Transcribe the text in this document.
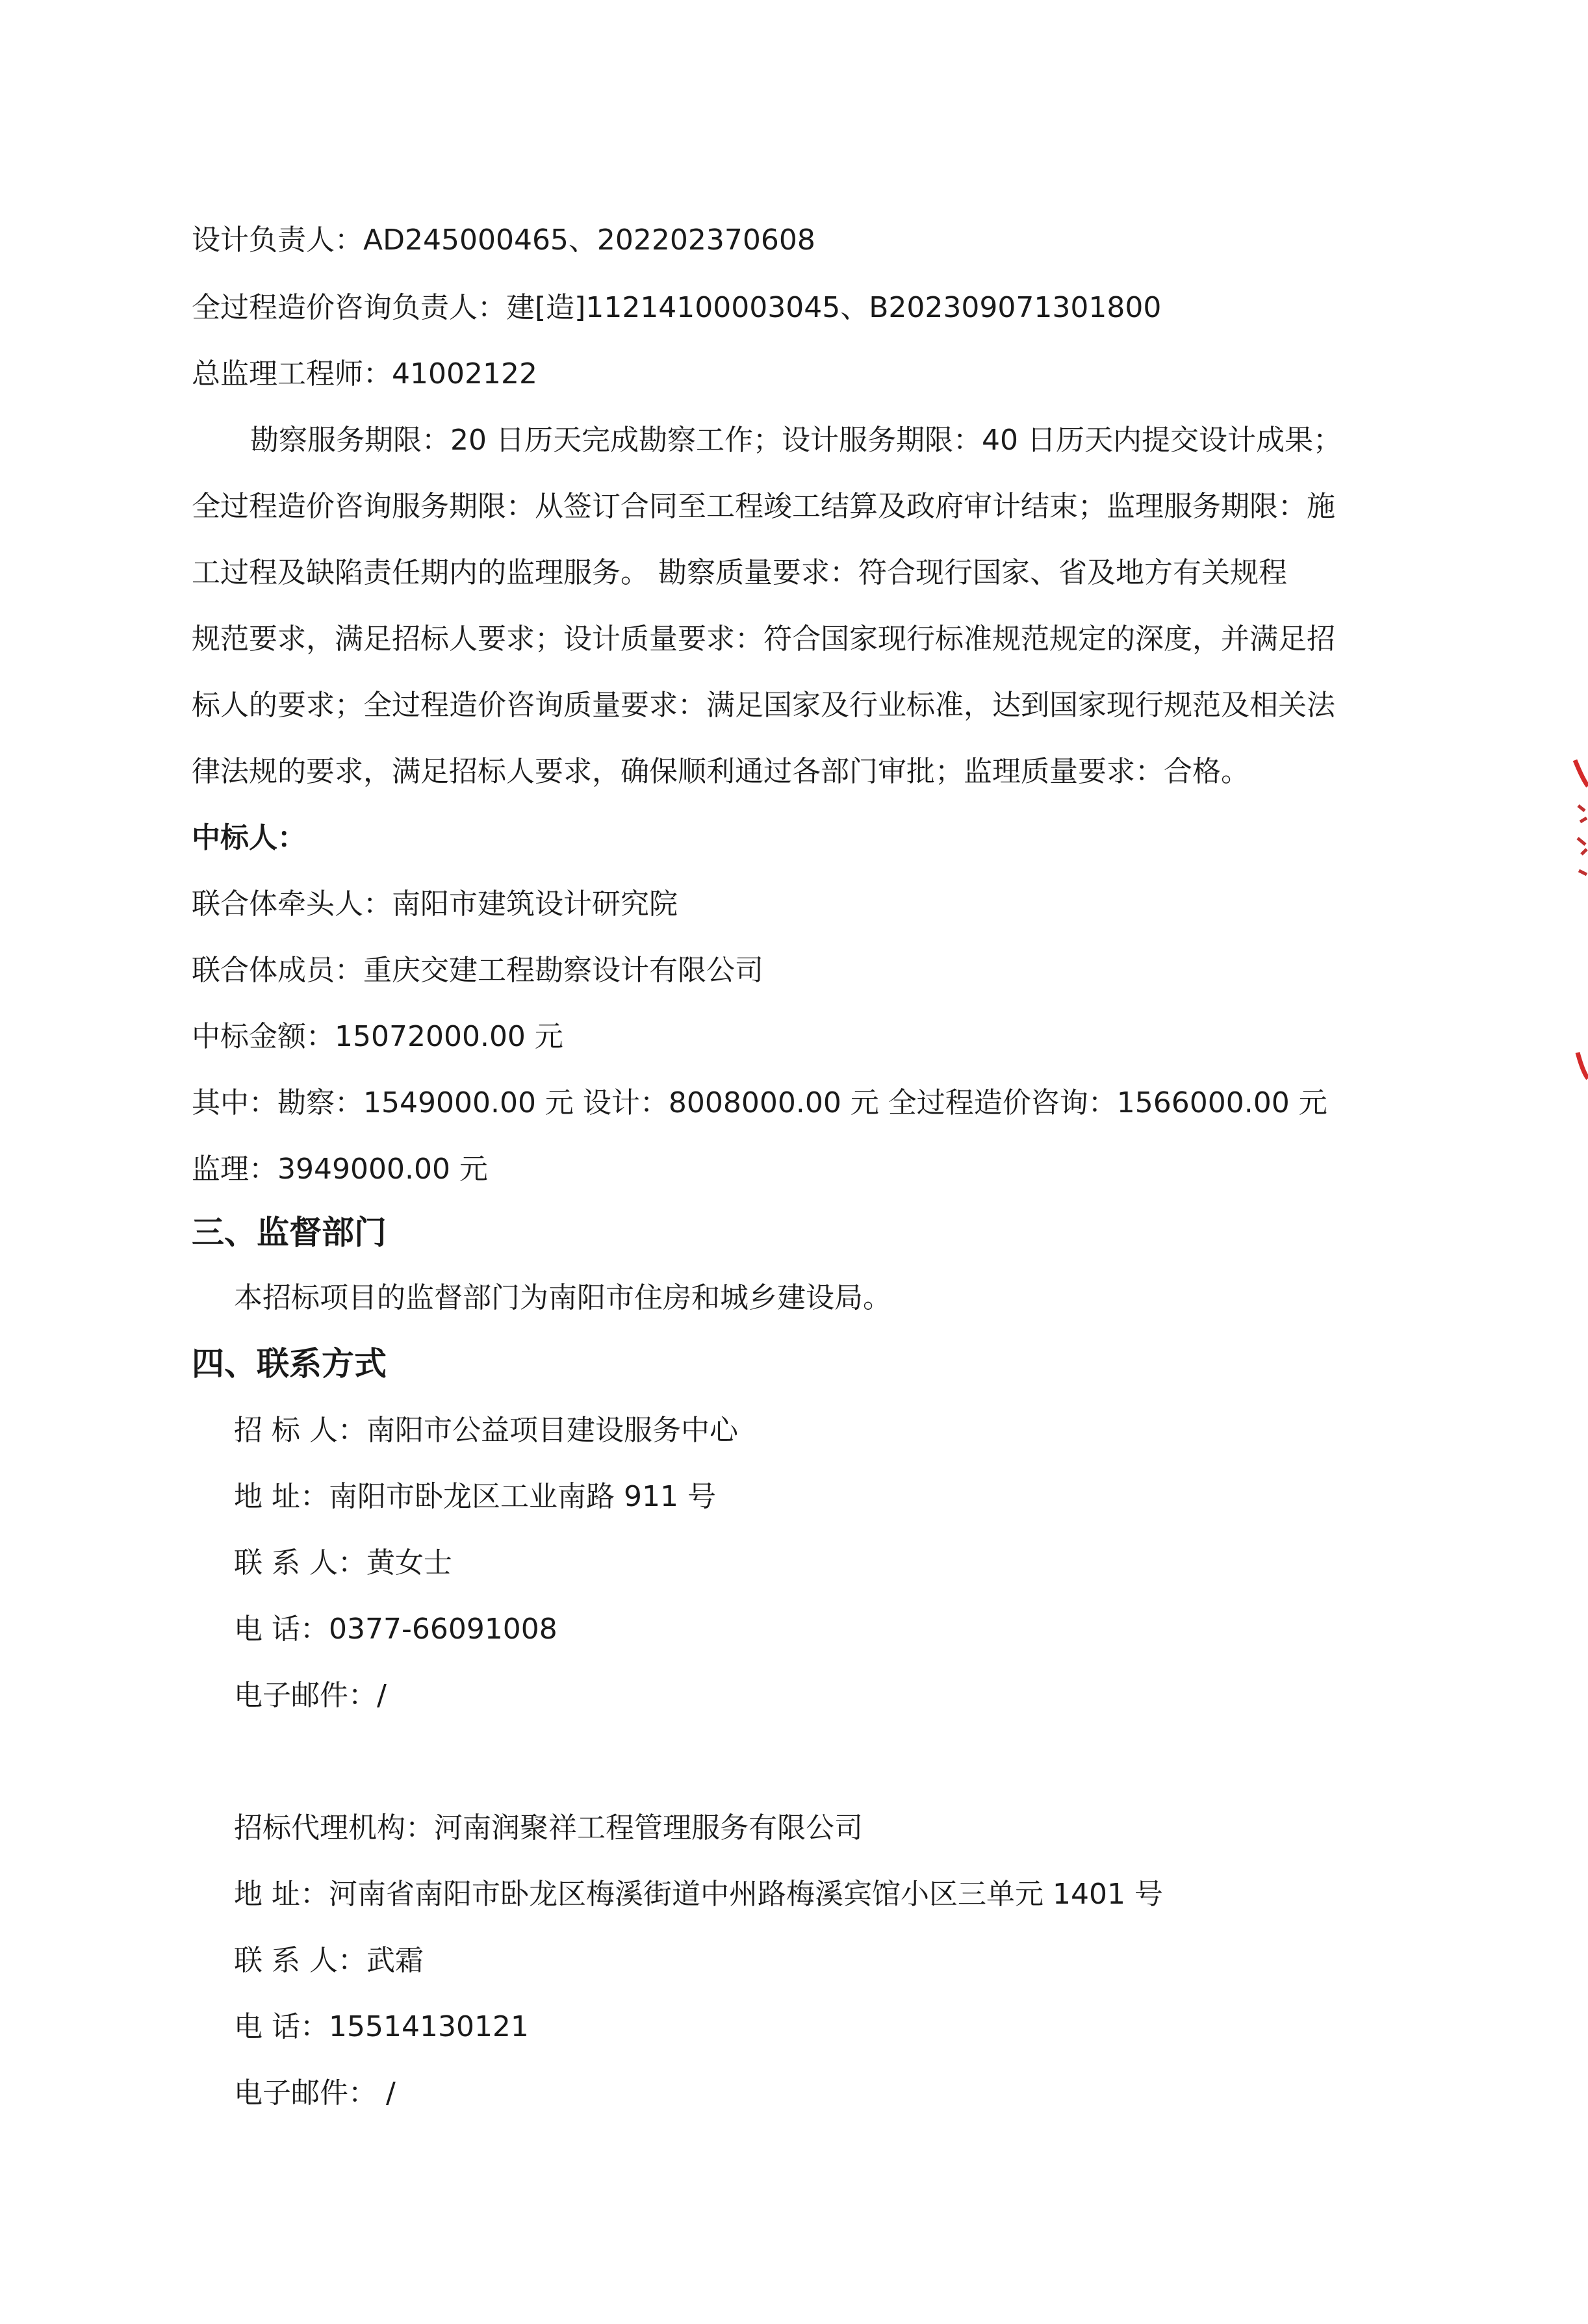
设计负责人：AD245000465、202202370608
全过程造价咨询负责人：建[造]11214100003045、B202309071301800
总监理工程师：41002122
勘察服务期限：20 日历天完成勘察工作；设计服务期限：40 日历天内提交设计成果；
全过程造价咨询服务期限：从签订合同至工程竣工结算及政府审计结束；监理服务期限：施
工过程及缺陷责任期内的监理服务。 勘察质量要求：符合现行国家、省及地方有关规程
规范要求，满足招标人要求；设计质量要求：符合国家现行标准规范规定的深度，并满足招
标人的要求；全过程造价咨询质量要求：满足国家及行业标准，达到国家现行规范及相关法
律法规的要求，满足招标人要求，确保顺利通过各部门审批；监理质量要求：合格。
中标人：
联合体牵头人：南阳市建筑设计研究院
联合体成员：重庆交建工程勘察设计有限公司
中标金额：15072000.00 元
其中：勘察：1549000.00 元 设计：8008000.00 元 全过程造价咨询：1566000.00 元
监理：3949000.00 元
三、监督部门
本招标项目的监督部门为南阳市住房和城乡建设局。
四、联系方式
招 标 人：南阳市公益项目建设服务中心
地 址：南阳市卧龙区工业南路 911 号
联 系 人：黄女士
电 话：0377-66091008
电子邮件：/
招标代理机构：河南润聚祥工程管理服务有限公司
地 址：河南省南阳市卧龙区梅溪街道中州路梅溪宾馆小区三单元 1401 号
联 系 人：武霜
电 话：15514130121
电子邮件： /
